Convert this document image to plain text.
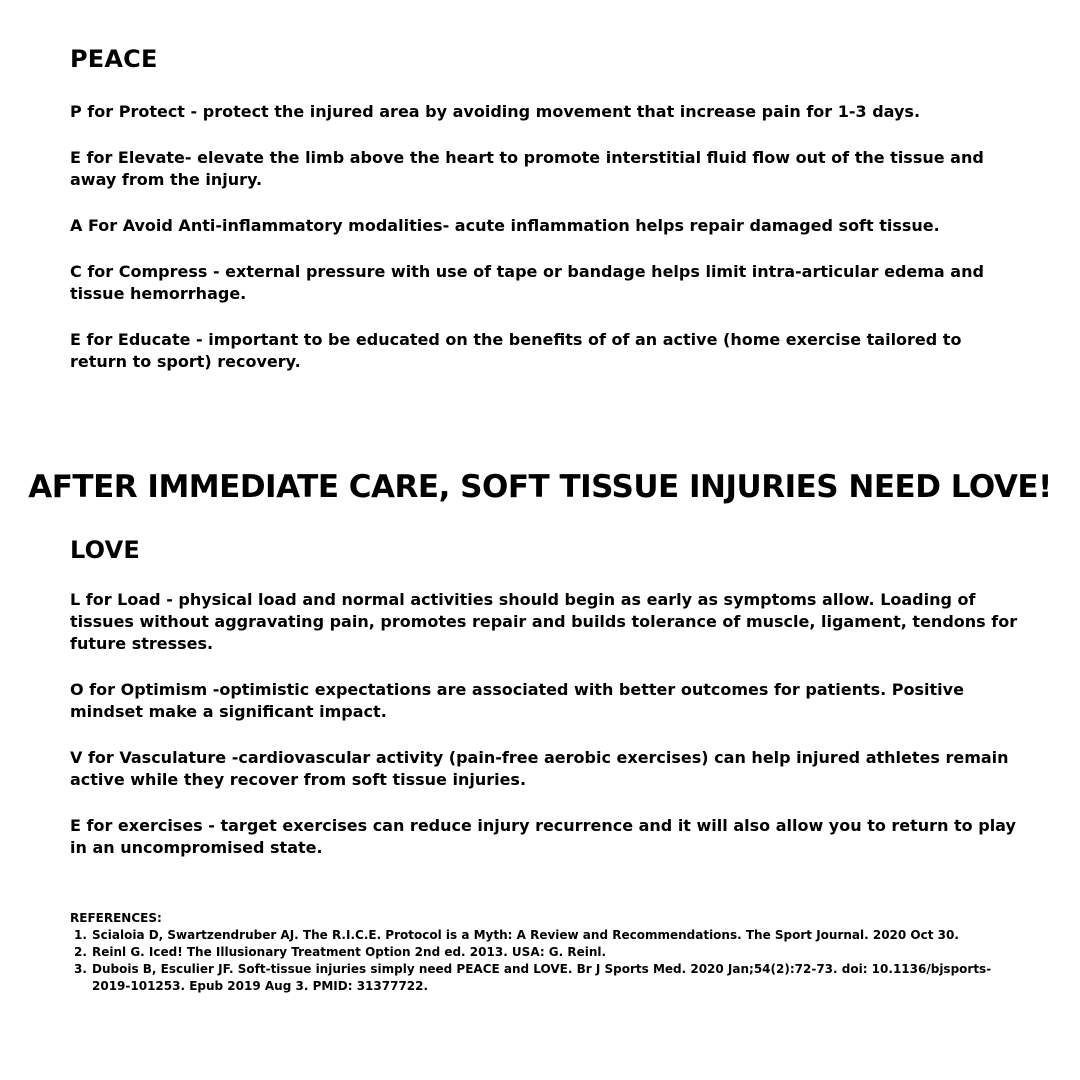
PEACE

P for Protect - protect the injured area by avoiding movement that increase pain for 1-3 days.

E for Elevate- elevate the limb above the heart to promote interstitial fluid flow out of the tissue and away from the injury.

A For Avoid Anti-inflammatory modalities- acute inflammation helps repair damaged soft tissue.

C for Compress - external pressure with use of tape or bandage helps limit intra-articular edema and tissue hemorrhage.

E for Educate - important to be educated on the benefits of of an active (home exercise tailored to return to sport) recovery.

AFTER IMMEDIATE CARE, SOFT TISSUE INJURIES NEED LOVE!
LOVE

L for Load - physical load and normal activities should begin as early as symptoms allow. Loading of tissues without aggravating pain, promotes repair and builds tolerance of muscle, ligament, tendons for future stresses.

O for Optimism -optimistic expectations are associated with better outcomes for patients. Positive mindset make a significant impact.

V for Vasculature -cardiovascular activity (pain-free aerobic exercises) can help injured athletes remain active while they recover from soft tissue injuries.

E for exercises - target exercises can reduce injury recurrence and it will also allow you to return to play in an uncompromised state.

REFERENCES:

1. Scialoia D, Swartzendruber AJ. The R.I.C.E. Protocol is a Myth: A Review and Recommendations. The Sport Journal. 2020 Oct 30.
2. Reinl G. Iced! The Illusionary Treatment Option 2nd ed. 2013. USA: G. Reinl.
3. Dubois B, Esculier JF. Soft-tissue injuries simply need PEACE and LOVE. Br J Sports Med. 2020 Jan;54(2):72-73. doi: 10.1136/bjsports-2019-101253. Epub 2019 Aug 3. PMID: 31377722.
